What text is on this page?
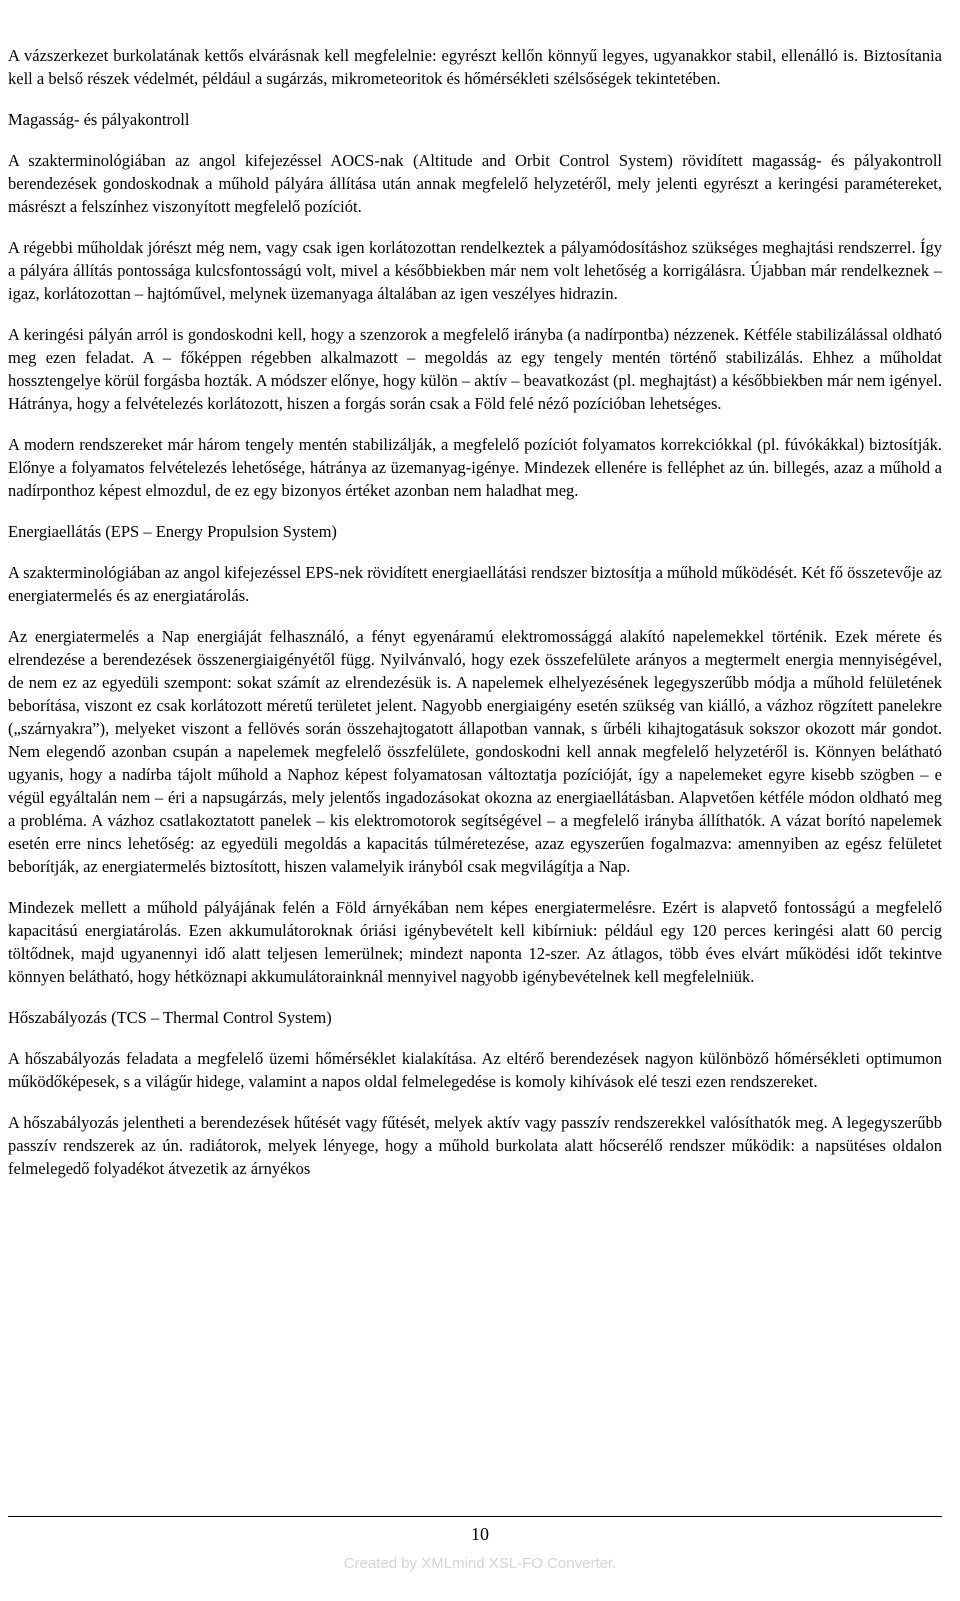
A vázszerkezet burkolatának kettős elvárásnak kell megfelelnie: egyrészt kellőn könnyű legyes, ugyanakkor stabil, ellenálló is. Biztosítania kell a belső részek védelmét, például a sugárzás, mikrometeoritok és hőmérsékleti szélsőségek tekintetében.

Magasság- és pályakontroll

A szakterminológiában az angol kifejezéssel AOCS-nak (Altitude and Orbit Control System) rövidített magasság- és pályakontroll berendezések gondoskodnak a műhold pályára állítása után annak megfelelő helyzetéről, mely jelenti egyrészt a keringési paramétereket, másrészt a felszínhez viszonyított megfelelő pozíciót.

A régebbi műholdak jórészt még nem, vagy csak igen korlátozottan rendelkeztek a pályamódosításhoz szükséges meghajtási rendszerrel. Így a pályára állítás pontossága kulcsfontosságú volt, mivel a későbbiekben már nem volt lehetőség a korrigálásra. Újabban már rendelkeznek – igaz, korlátozottan – hajtóművel, melynek üzemanyaga általában az igen veszélyes hidrazin.

A keringési pályán arról is gondoskodni kell, hogy a szenzorok a megfelelő irányba (a nadírpontba) nézzenek. Kétféle stabilizálással oldható meg ezen feladat. A – főképpen régebben alkalmazott – megoldás az egy tengely mentén történő stabilizálás. Ehhez a műholdat hossztengelye körül forgásba hozták. A módszer előnye, hogy külön – aktív – beavatkozást (pl. meghajtást) a későbbiekben már nem igényel. Hátránya, hogy a felvételezés korlátozott, hiszen a forgás során csak a Föld felé néző pozícióban lehetséges.

A modern rendszereket már három tengely mentén stabilizálják, a megfelelő pozíciót folyamatos korrekciókkal (pl. fúvókákkal) biztosítják. Előnye a folyamatos felvételezés lehetősége, hátránya az üzemanyag-igénye. Mindezek ellenére is felléphet az ún. billegés, azaz a műhold a nadírponthoz képest elmozdul, de ez egy bizonyos értéket azonban nem haladhat meg.

Energiaellátás (EPS – Energy Propulsion System)

A szakterminológiában az angol kifejezéssel EPS-nek rövidített energiaellátási rendszer biztosítja a műhold működését. Két fő összetevője az energiatermelés és az energiatárolás.

Az energiatermelés a Nap energiáját felhasználó, a fényt egyenáramú elektromossággá alakító napelemekkel történik. Ezek mérete és elrendezése a berendezések összenergiaigényétől függ. Nyilvánvaló, hogy ezek összefelülete arányos a megtermelt energia mennyiségével, de nem ez az egyedüli szempont: sokat számít az elrendezésük is. A napelemek elhelyezésének legegyszerűbb módja a műhold felületének beborítása, viszont ez csak korlátozott méretű területet jelent. Nagyobb energiaigény esetén szükség van kiálló, a vázhoz rögzített panelekre („szárnyakra”), melyeket viszont a fellövés során összehajtogatott állapotban vannak, s űrbéli kihajtogatásuk sokszor okozott már gondot. Nem elegendő azonban csupán a napelemek megfelelő összfelülete, gondoskodni kell annak megfelelő helyzetéről is. Könnyen belátható ugyanis, hogy a nadírba tájolt műhold a Naphoz képest folyamatosan változtatja pozícióját, így a napelemeket egyre kisebb szögben – e végül egyáltalán nem – éri a napsugárzás, mely jelentős ingadozásokat okozna az energiaellátásban. Alapvetően kétféle módon oldható meg a probléma. A vázhoz csatlakoztatott panelek – kis elektromotorok segítségével – a megfelelő irányba állíthatók. A vázat borító napelemek esetén erre nincs lehetőség: az egyedüli megoldás a kapacitás túlméretezése, azaz egyszerűen fogalmazva: amennyiben az egész felületet beborítják, az energiatermelés biztosított, hiszen valamelyik irányból csak megvilágítja a Nap.

Mindezek mellett a műhold pályájának felén a Föld árnyékában nem képes energiatermelésre. Ezért is alapvető fontosságú a megfelelő kapacitású energiatárolás. Ezen akkumulátoroknak óriási igénybevételt kell kibírniuk: például egy 120 perces keringési alatt 60 percig töltődnek, majd ugyanennyi idő alatt teljesen lemerülnek; mindezt naponta 12-szer. Az átlagos, több éves elvárt működési időt tekintve könnyen belátható, hogy hétköznapi akkumulátorainknál mennyivel nagyobb igénybevételnek kell megfelelniük.

Hőszabályozás (TCS – Thermal Control System)

A hőszabályozás feladata a megfelelő üzemi hőmérséklet kialakítása. Az eltérő berendezések nagyon különböző hőmérsékleti optimumon működőképesek, s a világűr hidege, valamint a napos oldal felmelegedése is komoly kihívások elé teszi ezen rendszereket.

A hőszabályozás jelentheti a berendezések hűtését vagy fűtését, melyek aktív vagy passzív rendszerekkel valósíthatók meg. A legegyszerűbb passzív rendszerek az ún. radiátorok, melyek lényege, hogy a műhold burkolata alatt hőcserélő rendszer működik: a napsütéses oldalon felmelegedő folyadékot átvezetik az árnyékos

10
Created by XMLmind XSL-FO Converter.
